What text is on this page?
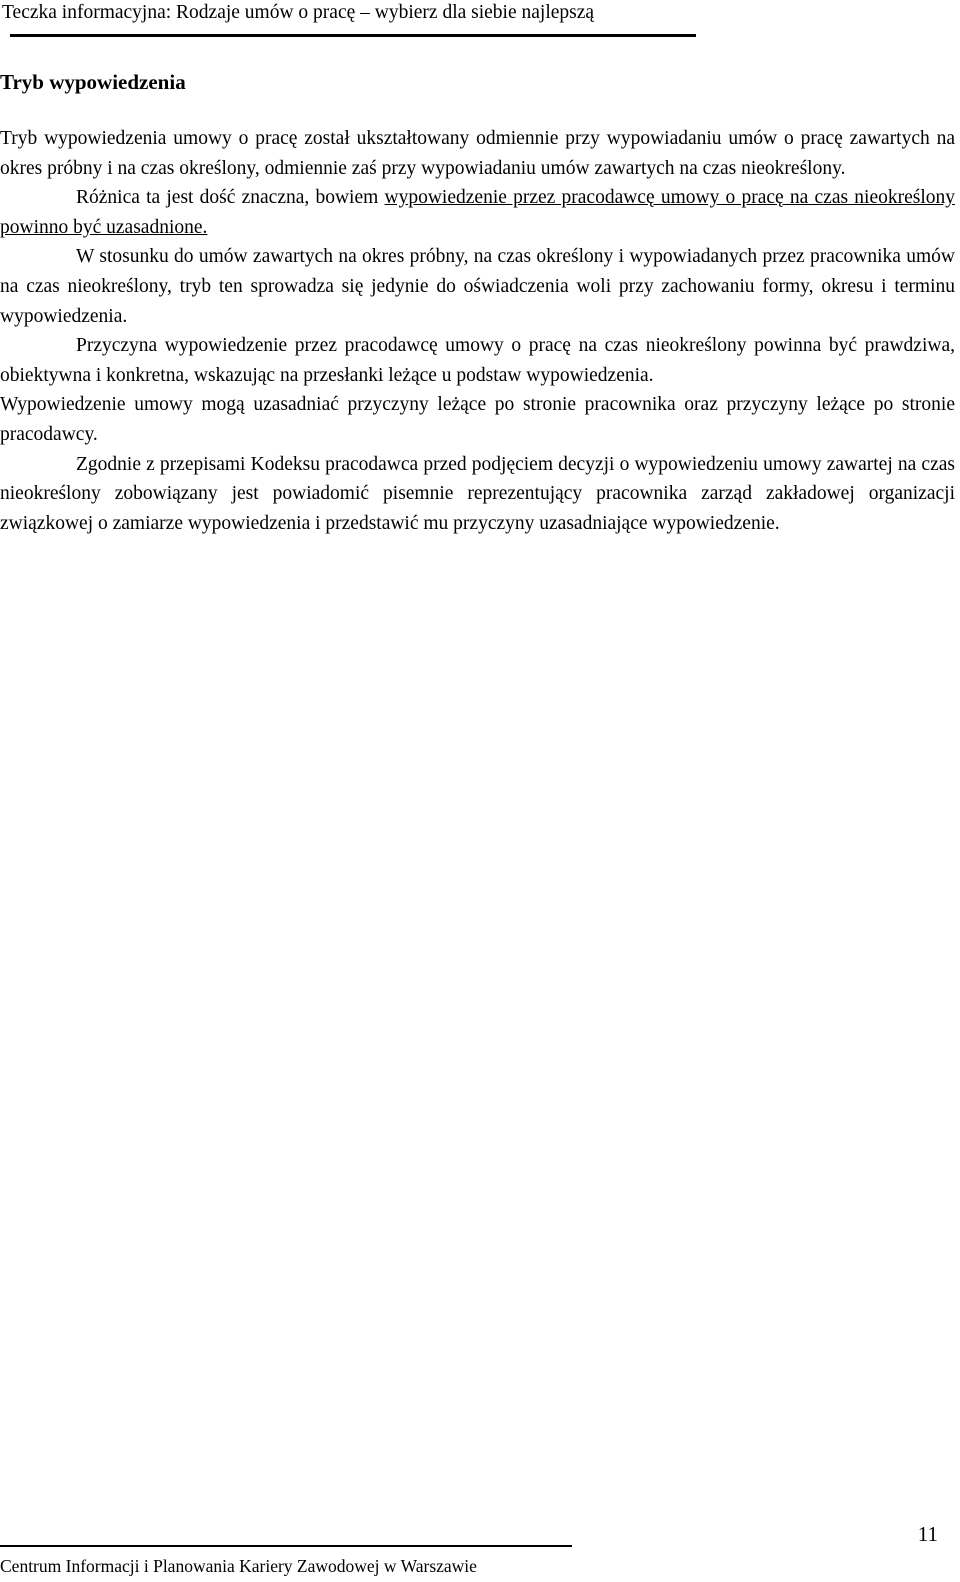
Teczka informacyjna: Rodzaje umów o pracę – wybierz dla siebie najlepszą
Tryb wypowiedzenia

Tryb wypowiedzenia umowy o pracę został ukształtowany odmiennie przy wypowiadaniu umów o pracę zawartych na okres próbny i na czas określony, odmiennie zaś przy wypowiadaniu umów zawartych na czas nieokreślony.

Różnica ta jest dość znaczna, bowiem wypowiedzenie przez pracodawcę umowy o pracę na czas nieokreślony powinno być uzasadnione.

W stosunku do umów zawartych na okres próbny, na czas określony i wypowiadanych przez pracownika umów na czas nieokreślony, tryb ten sprowadza się jedynie do oświadczenia woli przy zachowaniu formy, okresu i terminu wypowiedzenia.

Przyczyna wypowiedzenie przez pracodawcę umowy o pracę na czas nieokreślony powinna być prawdziwa, obiektywna i konkretna, wskazując na przesłanki leżące u podstaw wypowiedzenia.

Wypowiedzenie umowy mogą uzasadniać przyczyny leżące po stronie pracownika oraz przyczyny leżące po stronie pracodawcy.

Zgodnie z przepisami Kodeksu pracodawca przed podjęciem decyzji o wypowiedzeniu umowy zawartej na czas nieokreślony zobowiązany jest powiadomić pisemnie reprezentujący pracownika zarząd zakładowej organizacji związkowej o zamiarze wypowiedzenia i przedstawić mu przyczyny uzasadniające wypowiedzenie.

11
Centrum Informacji i Planowania Kariery Zawodowej w Warszawie
